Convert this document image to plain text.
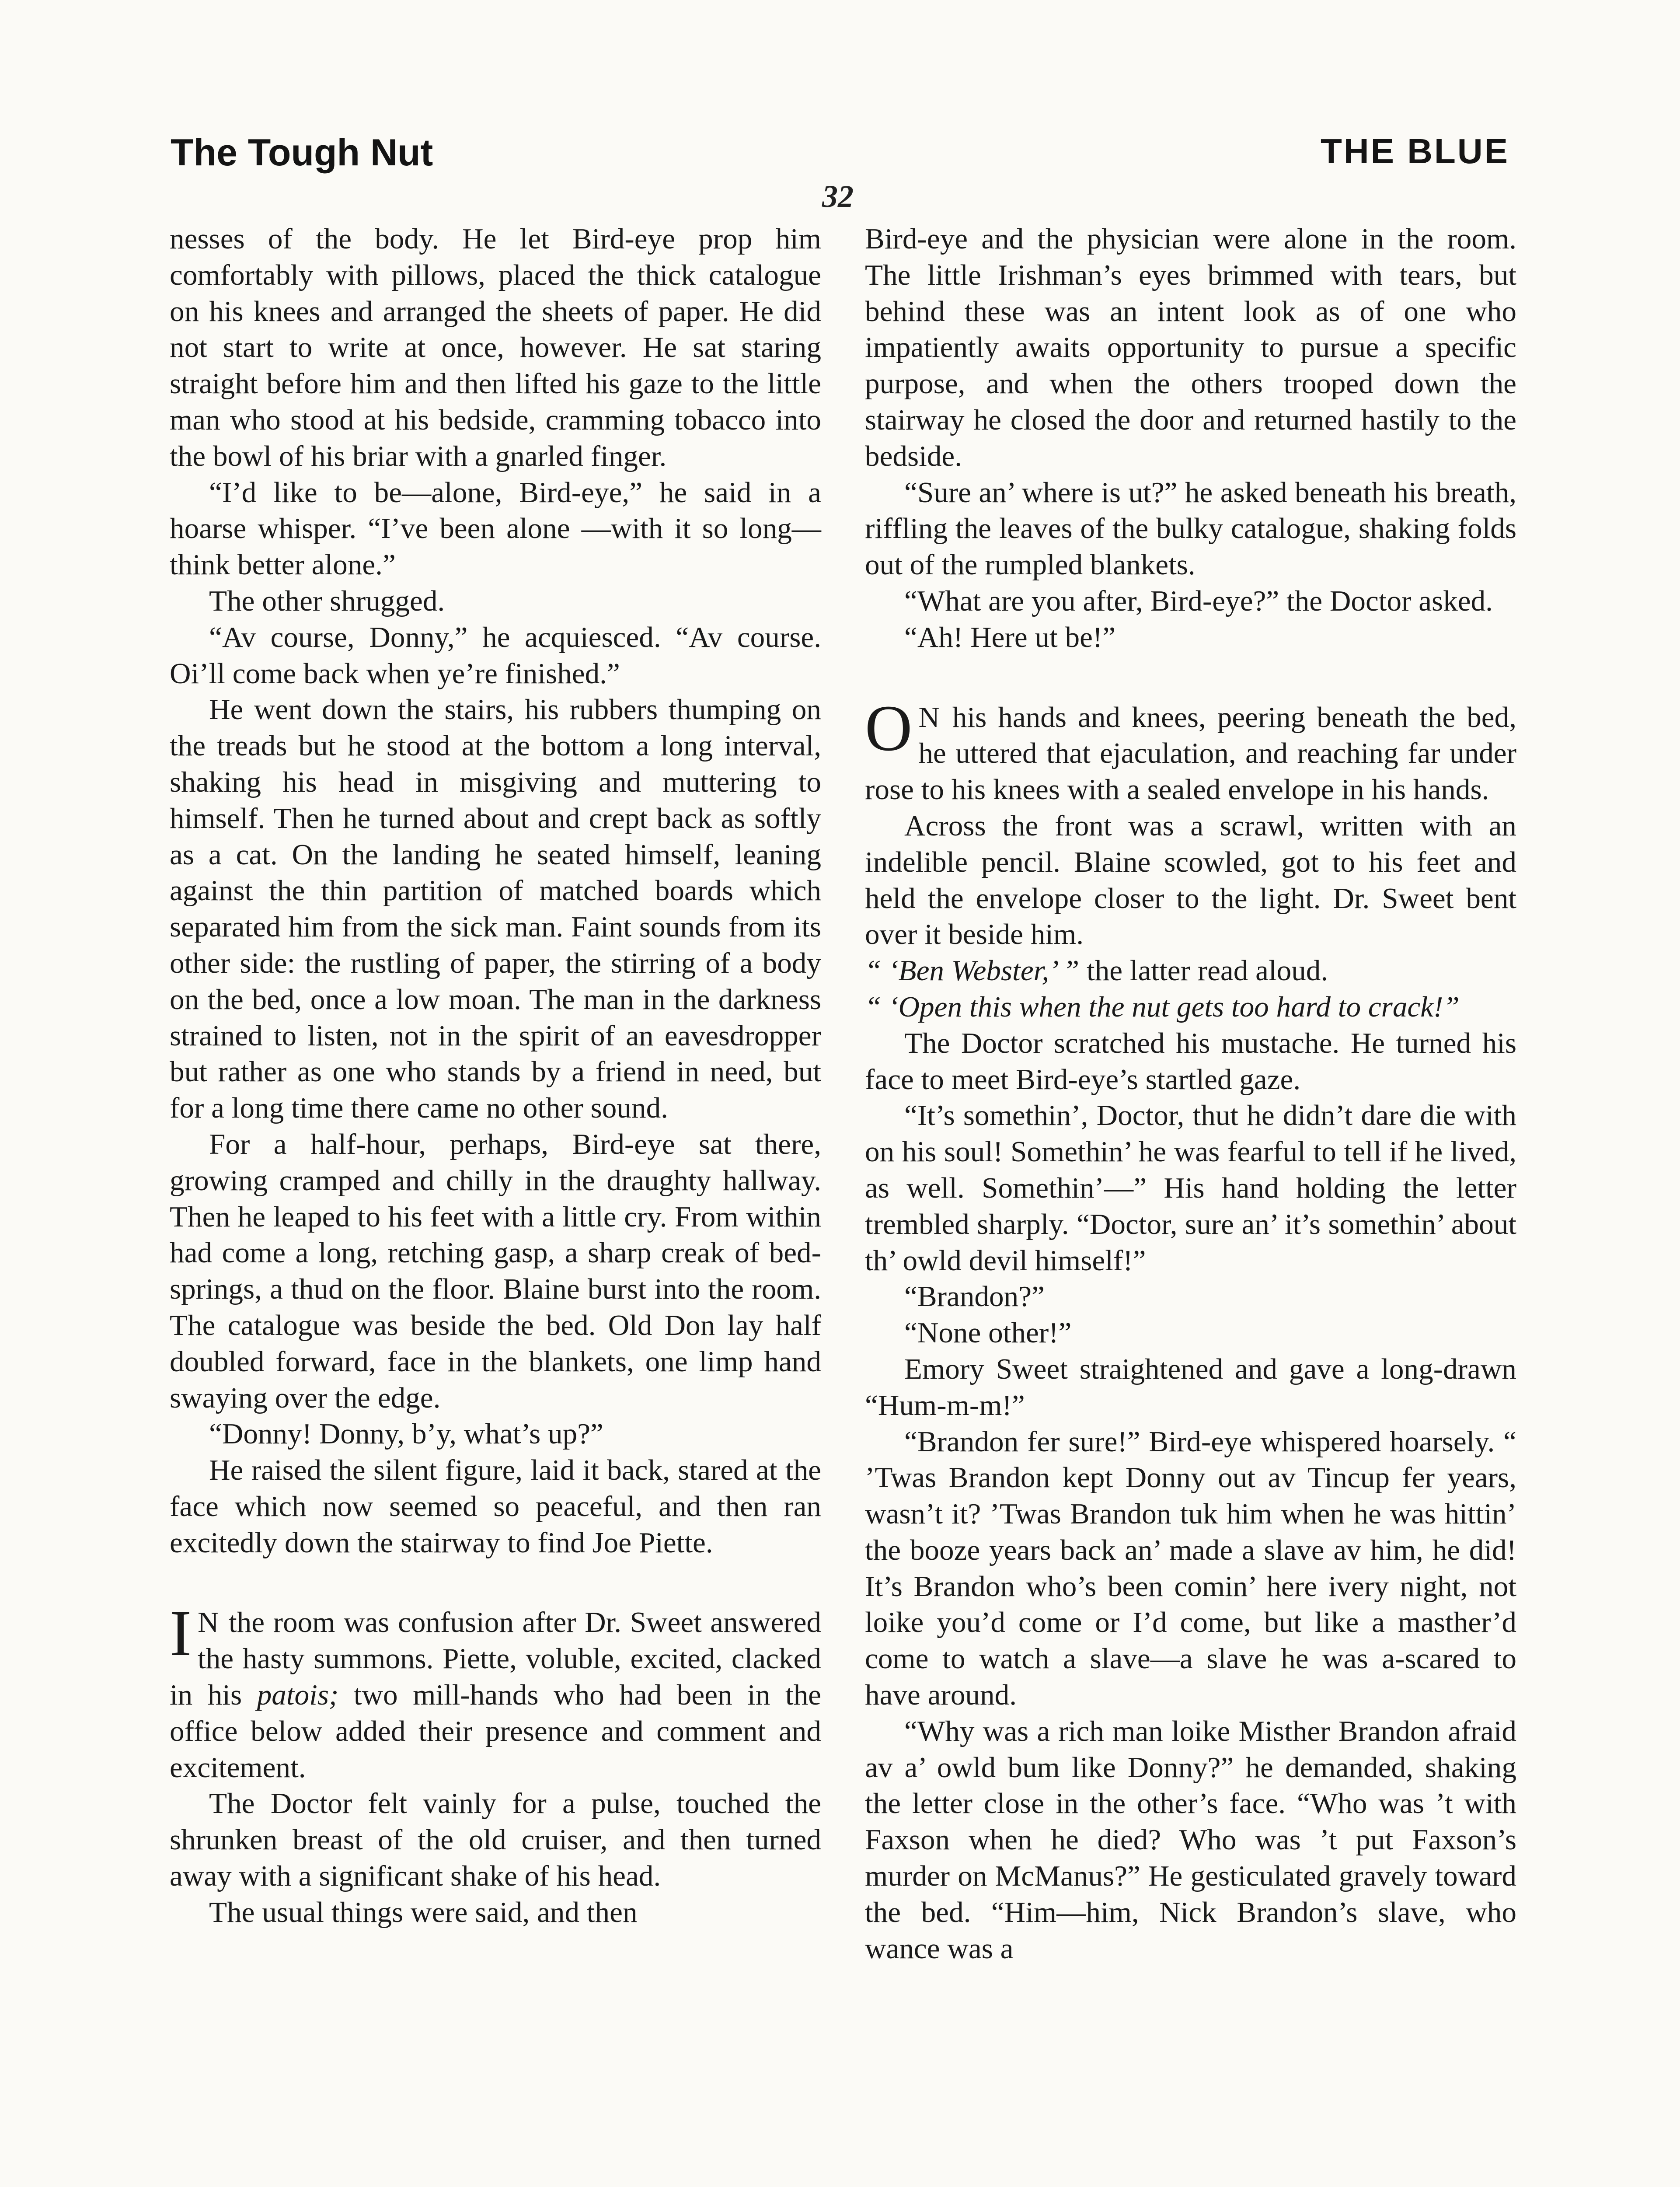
The Tough Nut	THE BLUE
32

nesses of the body. He let Bird-eye prop him comfortably with pillows, placed the thick catalogue on his knees and arranged the sheets of paper. He did not start to write at once, however. He sat staring straight before him and then lifted his gaze to the little man who stood at his bedside, cramming tobacco into the bowl of his briar with a gnarled finger.

“I’d like to be—alone, Bird-eye,” he said in a hoarse whisper. “I’ve been alone —with it so long—think better alone.”

The other shrugged.

“Av course, Donny,” he acquiesced. “Av course. Oi’ll come back when ye’re finished.”

He went down the stairs, his rubbers thumping on the treads but he stood at the bottom a long interval, shaking his head in misgiving and muttering to himself. Then he turned about and crept back as softly as a cat. On the landing he seated himself, leaning against the thin partition of matched boards which separated him from the sick man. Faint sounds from its other side: the rustling of paper, the stirring of a body on the bed, once a low moan. The man in the darkness strained to listen, not in the spirit of an eavesdropper but rather as one who stands by a friend in need, but for a long time there came no other sound.

For a half-hour, perhaps, Bird-eye sat there, growing cramped and chilly in the draughty hallway. Then he leaped to his feet with a little cry. From within had come a long, retching gasp, a sharp creak of bed-springs, a thud on the floor. Blaine burst into the room. The catalogue was beside the bed. Old Don lay half doubled forward, face in the blankets, one limp hand swaying over the edge.

“Donny! Donny, b’y, what’s up?”

He raised the silent figure, laid it back, stared at the face which now seemed so peaceful, and then ran excitedly down the stairway to find Joe Piette.

I N the room was confusion after Dr. Sweet answered the hasty summons. Piette, voluble, excited, clacked in his patois; two mill-hands who had been in the office below added their presence and comment and excitement.

The Doctor felt vainly for a pulse, touched the shrunken breast of the old cruiser, and then turned away with a significant shake of his head.

The usual things were said, and then

Bird-eye and the physician were alone in the room. The little Irishman’s eyes brimmed with tears, but behind these was an intent look as of one who impatiently awaits opportunity to pursue a specific purpose, and when the others trooped down the stairway he closed the door and returned hastily to the bedside.

“Sure an’ where is ut?” he asked beneath his breath, riffling the leaves of the bulky catalogue, shaking folds out of the rumpled blankets.

“What are you after, Bird-eye?” the Doctor asked.

“Ah! Here ut be!”

O N his hands and knees, peering beneath the bed, he uttered that ejaculation, and reaching far under rose to his knees with a sealed envelope in his hands.

Across the front was a scrawl, written with an indelible pencil. Blaine scowled, got to his feet and held the envelope closer to the light. Dr. Sweet bent over it beside him.

“ ‘Ben Webster,’ ” the latter read aloud.

“ ‘Open this when the nut gets too hard to crack!”

The Doctor scratched his mustache. He turned his face to meet Bird-eye’s startled gaze.

“It’s somethin’, Doctor, thut he didn’t dare die with on his soul! Somethin’ he was fearful to tell if he lived, as well. Somethin’—” His hand holding the letter trembled sharply. “Doctor, sure an’ it’s somethin’ about th’ owld devil himself!”

“Brandon?”

“None other!”

Emory Sweet straightened and gave a long-drawn “Hum-m-m!”

“Brandon fer sure!” Bird-eye whispered hoarsely. “ ’Twas Brandon kept Donny out av Tincup fer years, wasn’t it? ’Twas Brandon tuk him when he was hittin’ the booze years back an’ made a slave av him, he did! It’s Brandon who’s been comin’ here ivery night, not loike you’d come or I’d come, but like a masther’d come to watch a slave—a slave he was a-scared to have around.

“Why was a rich man loike Misther Brandon afraid av a’ owld bum like Donny?” he demanded, shaking the letter close in the other’s face. “Who was ’t with Faxson when he died? Who was ’t put Faxson’s murder on McManus?” He gesticulated gravely toward the bed. “Him—him, Nick Brandon’s slave, who wance was a
